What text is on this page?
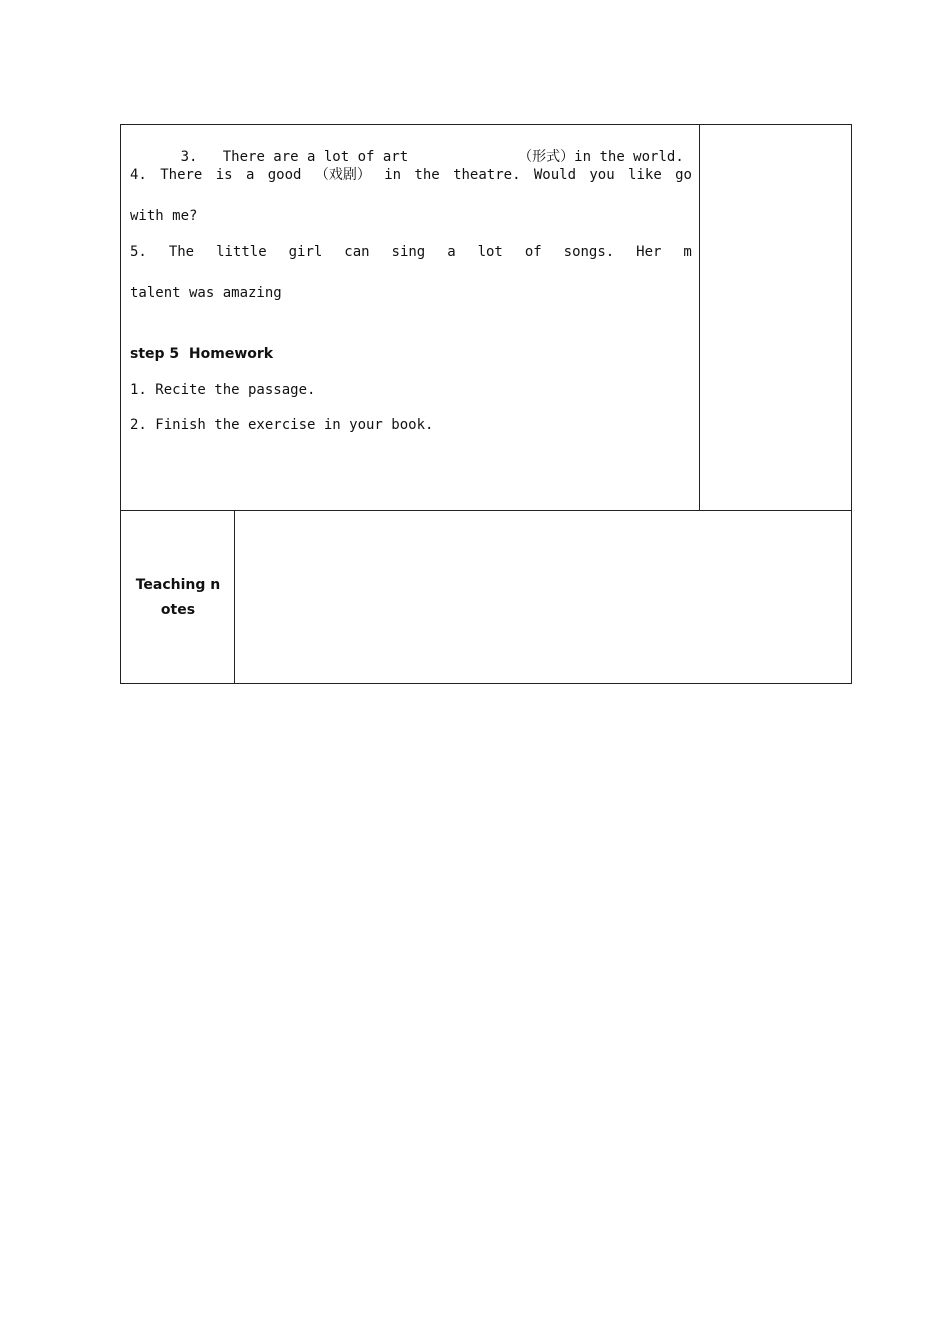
3. There are a lot of art	（形式）in the world.

4. There is a good （戏剧） in the theatre. Would you like go
with me?
5. The little girl can sing a lot of songs. Her m
talent was amazing
step 5  Homework
1. Recite the passage.
2. Finish the exercise in your book.
Teaching n
otes
